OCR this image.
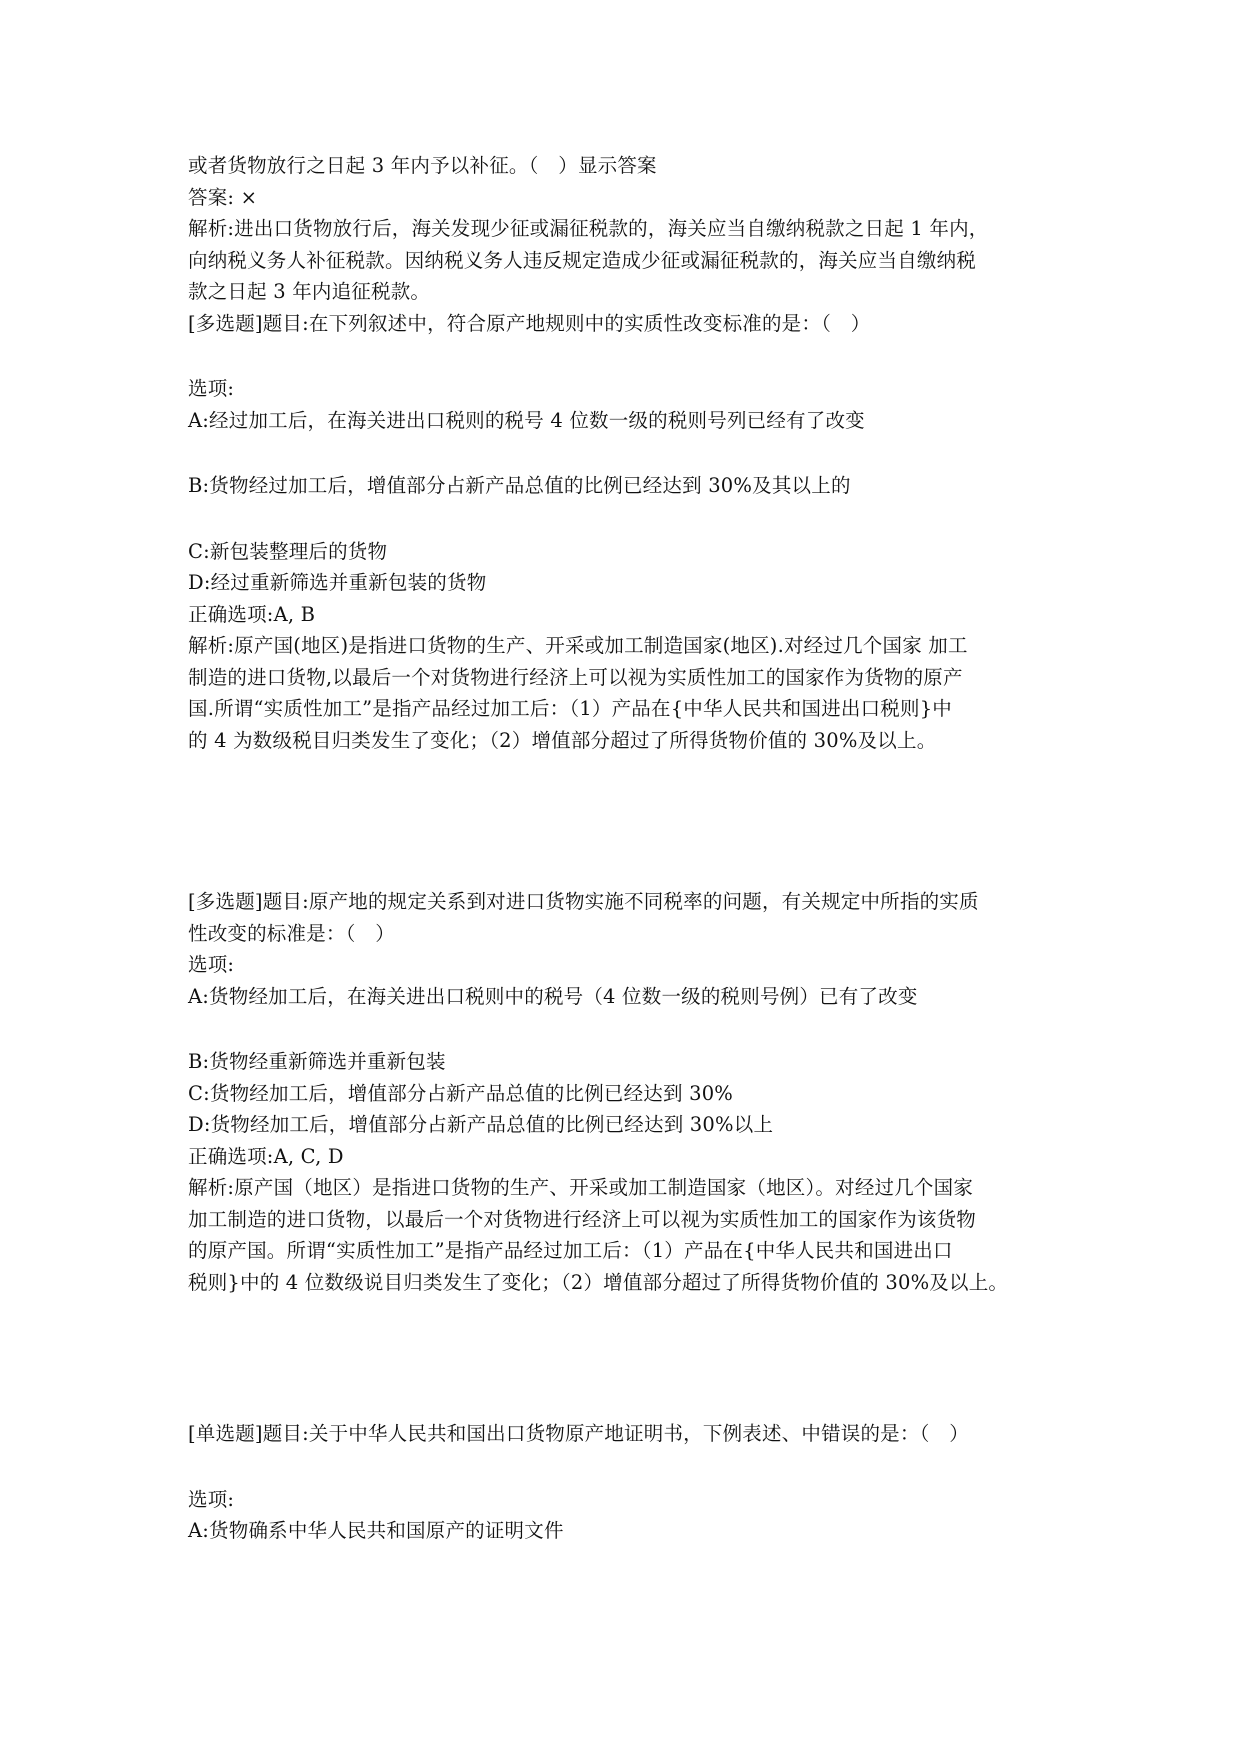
或者货物放行之日起 3 年内予以补征。（　）显示答案
答案: ×
解析:进出口货物放行后，海关发现少征或漏征税款的，海关应当自缴纳税款之日起 1 年内，
向纳税义务人补征税款。因纳税义务人违反规定造成少征或漏征税款的，海关应当自缴纳税
款之日起 3 年内追征税款。
[多选题]题目:在下列叙述中，符合原产地规则中的实质性改变标准的是：（　）
选项:
A:经过加工后，在海关进出口税则的税号 4 位数一级的税则号列已经有了改变
B:货物经过加工后，增值部分占新产品总值的比例已经达到 30%及其以上的
C:新包装整理后的货物
D:经过重新筛选并重新包装的货物
正确选项:A, B
解析:原产国(地区)是指进口货物的生产、开采或加工制造国家(地区).对经过几个国家 加工
制造的进口货物,以最后一个对货物进行经济上可以视为实质性加工的国家作为货物的原产
国.所谓“实质性加工”是指产品经过加工后：（1）产品在{中华人民共和国进出口税则}中
的 4 为数级税目归类发生了变化；（2）增值部分超过了所得货物价值的 30%及以上。
[多选题]题目:原产地的规定关系到对进口货物实施不同税率的问题，有关规定中所指的实质
性改变的标准是：（　）
选项:
A:货物经加工后，在海关进出口税则中的税号（4 位数一级的税则号例）已有了改变
B:货物经重新筛选并重新包装
C:货物经加工后，增值部分占新产品总值的比例已经达到 30%
D:货物经加工后，增值部分占新产品总值的比例已经达到 30%以上
正确选项:A, C, D
解析:原产国（地区）是指进口货物的生产、开采或加工制造国家（地区）。对经过几个国家
加工制造的进口货物，以最后一个对货物进行经济上可以视为实质性加工的国家作为该货物
的原产国。所谓“实质性加工”是指产品经过加工后：（1）产品在{中华人民共和国进出口
税则}中的 4 位数级说目归类发生了变化；（2）增值部分超过了所得货物价值的 30%及以上。
[单选题]题目:关于中华人民共和国出口货物原产地证明书，下例表述、中错误的是：（　）
选项:
A:货物确系中华人民共和国原产的证明文件
